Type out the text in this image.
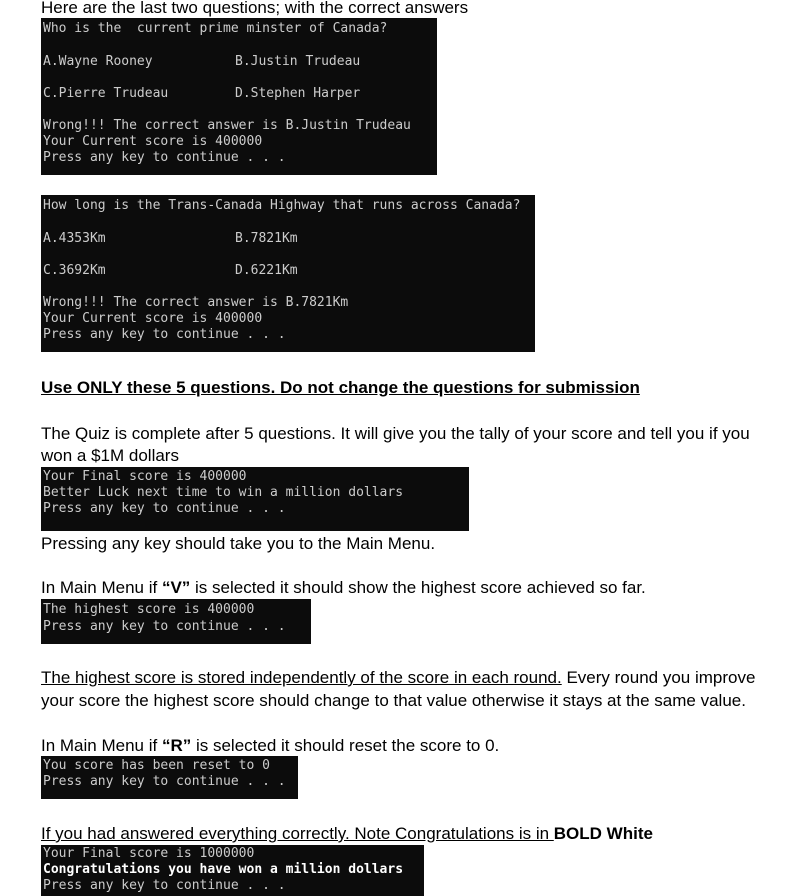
Here are the last two questions; with the correct answers
Who is the  current prime minster of Canada?
A.Wayne Rooney	B.Justin Trudeau
C.Pierre Trudeau	D.Stephen Harper
Wrong!!! The correct answer is B.Justin Trudeau
Your Current score is 400000
Press any key to continue . . .
How long is the Trans-Canada Highway that runs across Canada?
A.4353Km	B.7821Km
C.3692Km	D.6221Km
Wrong!!! The correct answer is B.7821Km
Your Current score is 400000
Press any key to continue . . .
Use ONLY these 5 questions. Do not change the questions for submission
The Quiz is complete after 5 questions. It will give you the tally of your score and tell you if you won a $1M dollars
Your Final score is 400000
Better Luck next time to win a million dollars
Press any key to continue . . .
Pressing any key should take you to the Main Menu.
In Main Menu if “V” is selected it should show the highest score achieved so far.
The highest score is 400000
Press any key to continue . . .
The highest score is stored independently of the score in each round. Every round you improve
your score the highest score should change to that value otherwise it stays at the same value.
In Main Menu if “R” is selected it should reset the score to 0.
You score has been reset to 0
Press any key to continue . . .
If you had answered everything correctly. Note Congratulations is in BOLD White
Your Final score is 1000000
Congratulations you have won a million dollars
Press any key to continue . . .
